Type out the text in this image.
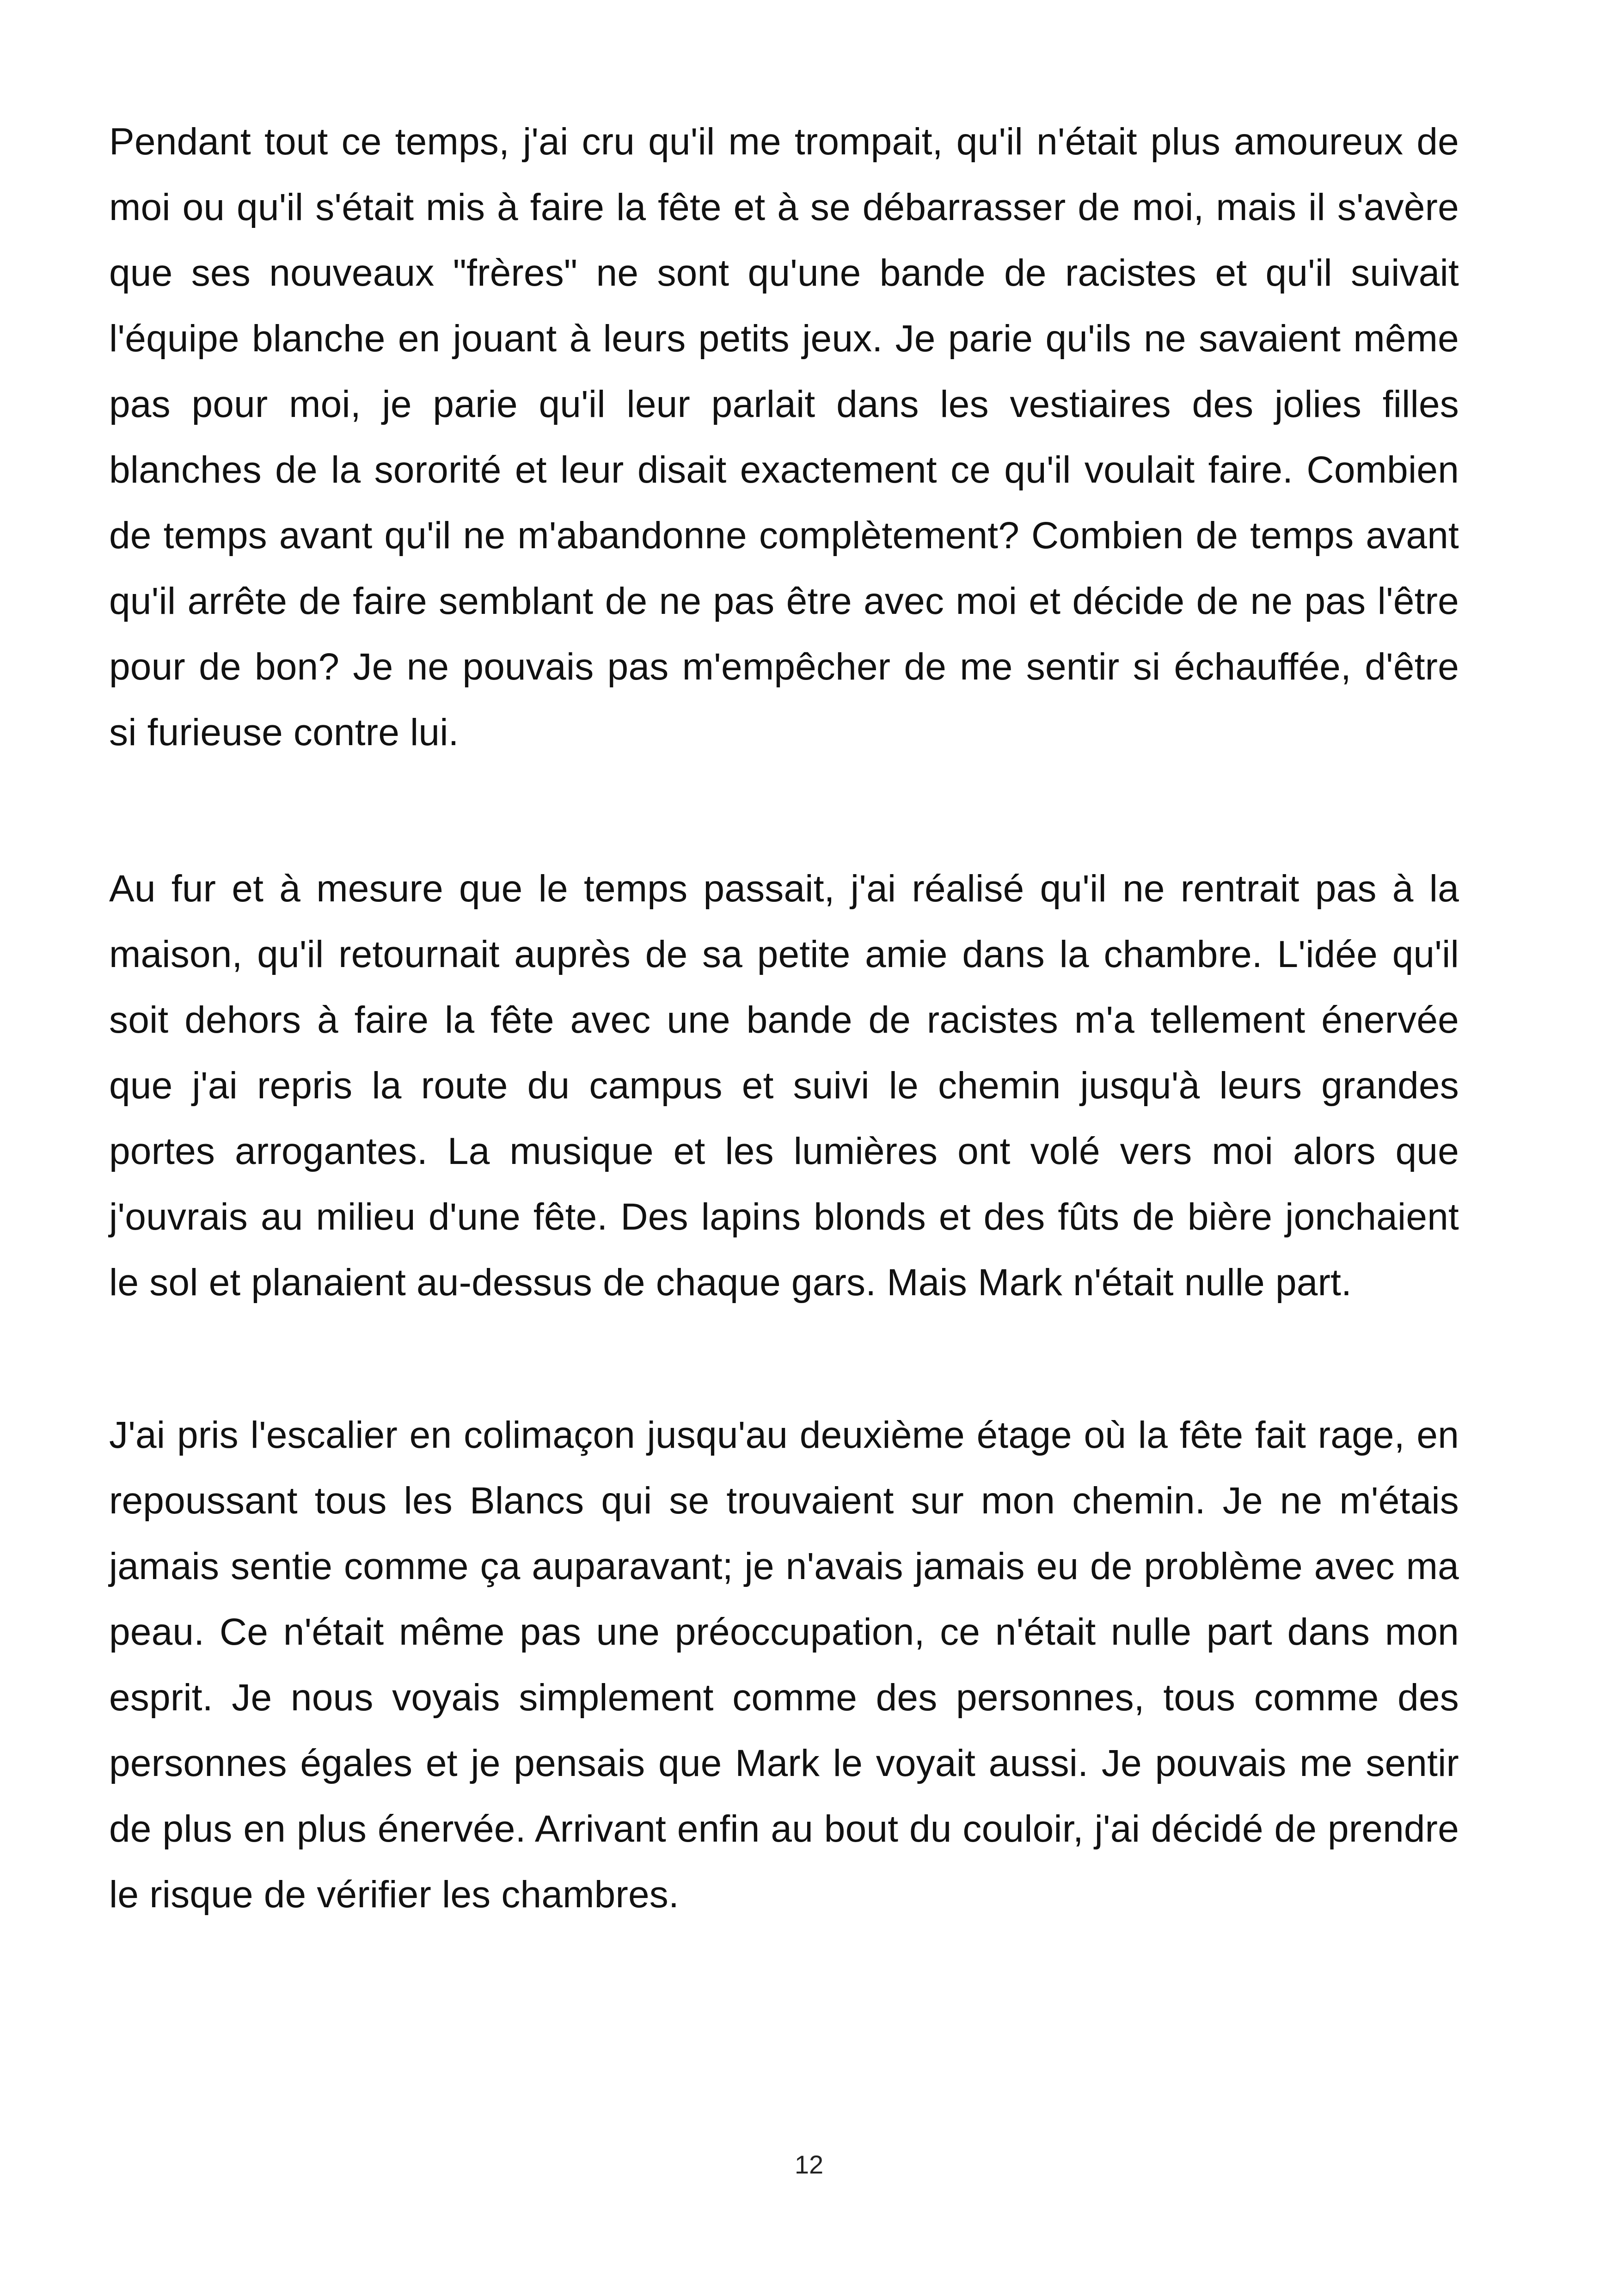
Pendant tout ce temps, j'ai cru qu'il me trompait, qu'il n'était plus amoureux de moi ou qu'il s'était mis à faire la fête et à se débarrasser de moi, mais il s'avère que ses nouveaux "frères" ne sont qu'une bande de racistes et qu'il suivait l'équipe blanche en jouant à leurs petits jeux. Je parie qu'ils ne savaient même pas pour moi, je parie qu'il leur parlait dans les vestiaires des jolies filles blanches de la sororité et leur disait exactement ce qu'il voulait faire. Combien de temps avant qu'il ne m'abandonne complètement? Combien de temps avant qu'il arrête de faire semblant de ne pas être avec moi et décide de ne pas l'être pour de bon? Je ne pouvais pas m'empêcher de me sentir si échauffée, d'être si furieuse contre lui.

Au fur et à mesure que le temps passait, j'ai réalisé qu'il ne rentrait pas à la maison, qu'il retournait auprès de sa petite amie dans la chambre. L'idée qu'il soit dehors à faire la fête avec une bande de racistes m'a tellement énervée que j'ai repris la route du campus et suivi le chemin jusqu'à leurs grandes portes arrogantes. La musique et les lumières ont volé vers moi alors que j'ouvrais au milieu d'une fête. Des lapins blonds et des fûts de bière jonchaient le sol et planaient au-dessus de chaque gars. Mais Mark n'était nulle part.

J'ai pris l'escalier en colimaçon jusqu'au deuxième étage où la fête fait rage, en repoussant tous les Blancs qui se trouvaient sur mon chemin. Je ne m'étais jamais sentie comme ça auparavant; je n'avais jamais eu de problème avec ma peau. Ce n'était même pas une préoccupation, ce n'était nulle part dans mon esprit. Je nous voyais simplement comme des personnes, tous comme des personnes égales et je pensais que Mark le voyait aussi. Je pouvais me sentir de plus en plus énervée. Arrivant enfin au bout du couloir, j'ai décidé de prendre le risque de vérifier les chambres.

12
